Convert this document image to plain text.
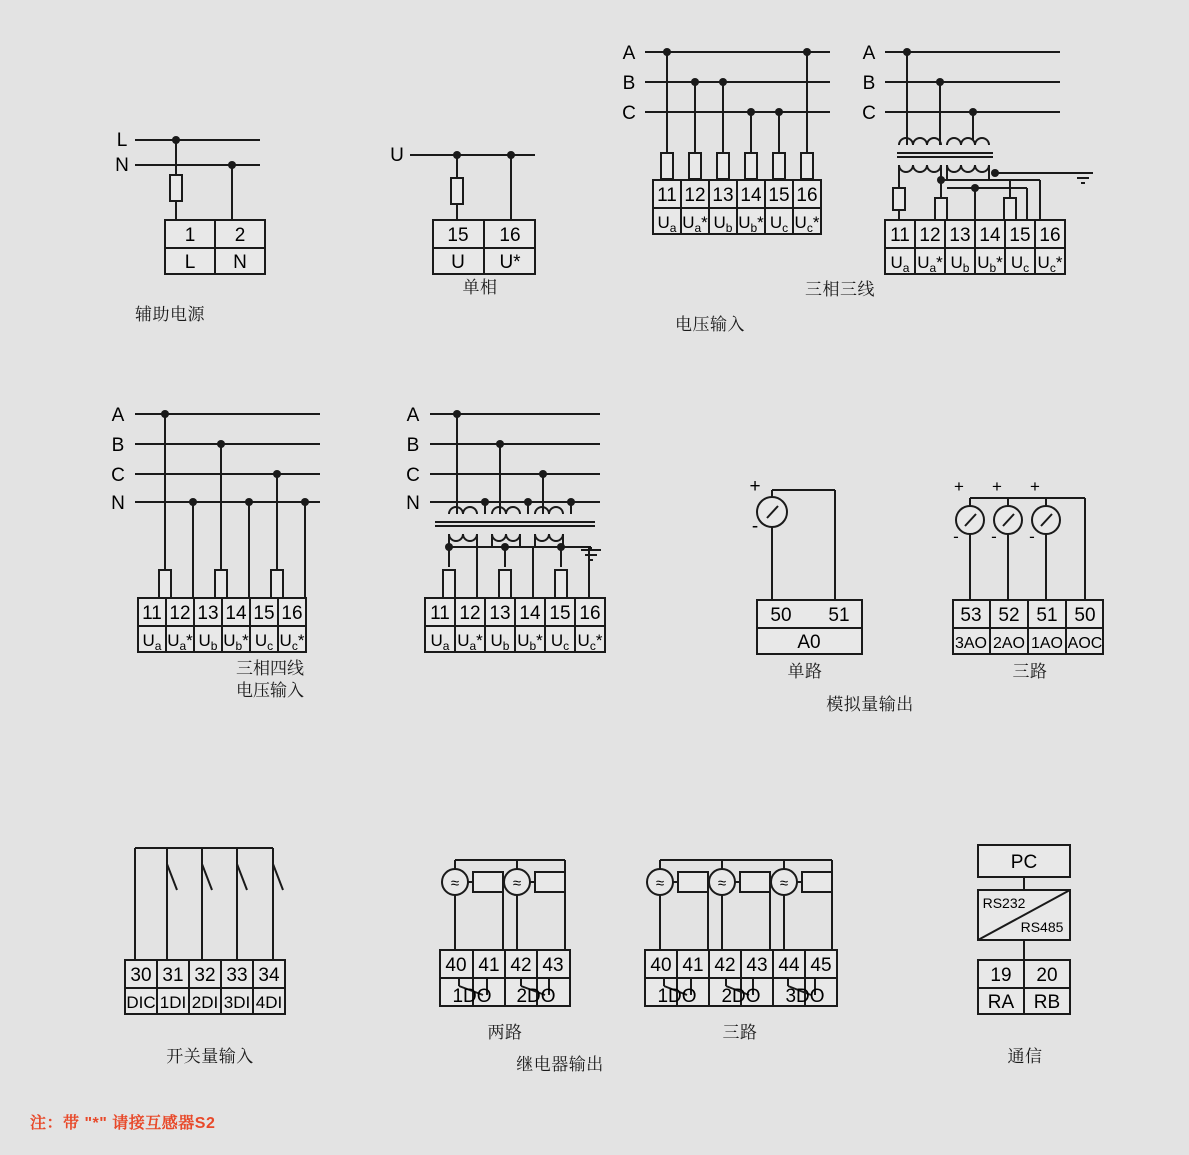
L
N
1 2
L N
辅助电源
U
15 16
U U*
单相
A
B
C
11 12 13 14 15 16
$U_a$ $U_a*$ $U_b$ $U_b*$ $U_c$ $U_c*$
A
B
C
11 12 13 14 15 16
$U_a$ $U_a*$ $U_b$ $U_b*$ $U_c$ $U_c*$
三相三线
电压输入
A
B
C
N
11 12 13 14 15 16
$U_a$ $U_a*$ $U_b$ $U_b*$ $U_c$ $U_c*$
三相四线
电压输入
A
B
C
N
11 12 13 14 15 16
$U_a$ $U_a*$ $U_b$ $U_b*$ $U_c$ $U_c*$
+
-
50 51
A0
单路
+ + +
- - -
53 52 51 50
3AO 2AO 1AO AOC
三路
模拟量输出
30 31 32 33 34
DIC 1DI 2DI 3DI 4DI
开关量输入
≈	≈
40 41 42 43
1DO 2DO
两路
≈	≈	≈
40 41 42 43 44 45
1DO 2DO 3DO
三路
继电器输出
PC
RS232
RS485
19 20
RA RB
通信
注：带 "*" 请接互感器S2
